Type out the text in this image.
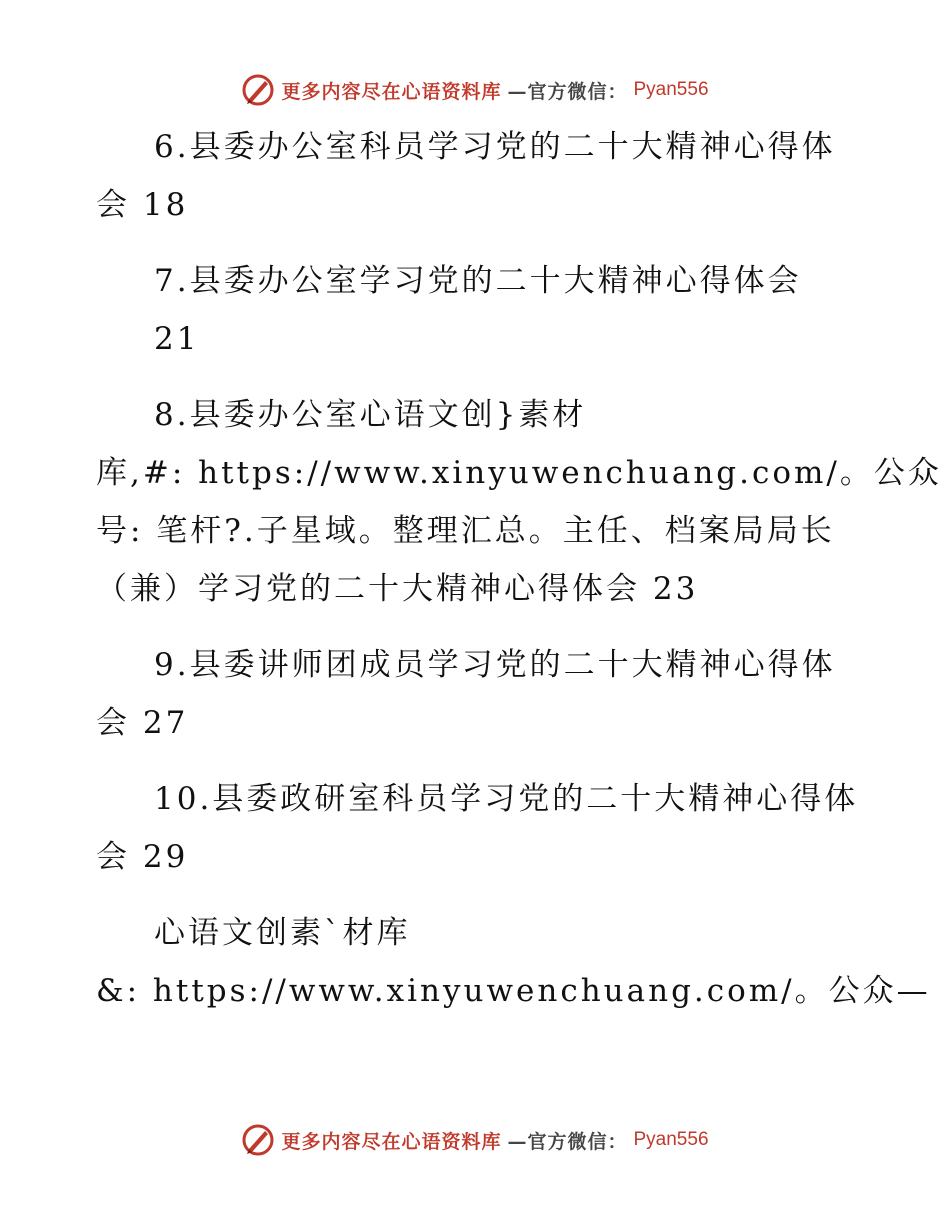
更多内容尽在心语资料库 —官方微信： Pyan556
6.县委办公室科员学习党的二十大精神心得体
会 18
7.县委办公室学习党的二十大精神心得体会
21
8.县委办公室心语文创}素材
库,#: https://www.xinyuwenchuang.com/。公众
号: 笔杆?.子星域。整理汇总。主任、档案局局长
（兼）学习党的二十大精神心得体会 23
9.县委讲师团成员学习党的二十大精神心得体
会 27
10.县委政研室科员学习党的二十大精神心得体
会 29
心语文创素`材库
&: https://www.xinyuwenchuang.com/。公众—
更多内容尽在心语资料库 —官方微信： Pyan556
